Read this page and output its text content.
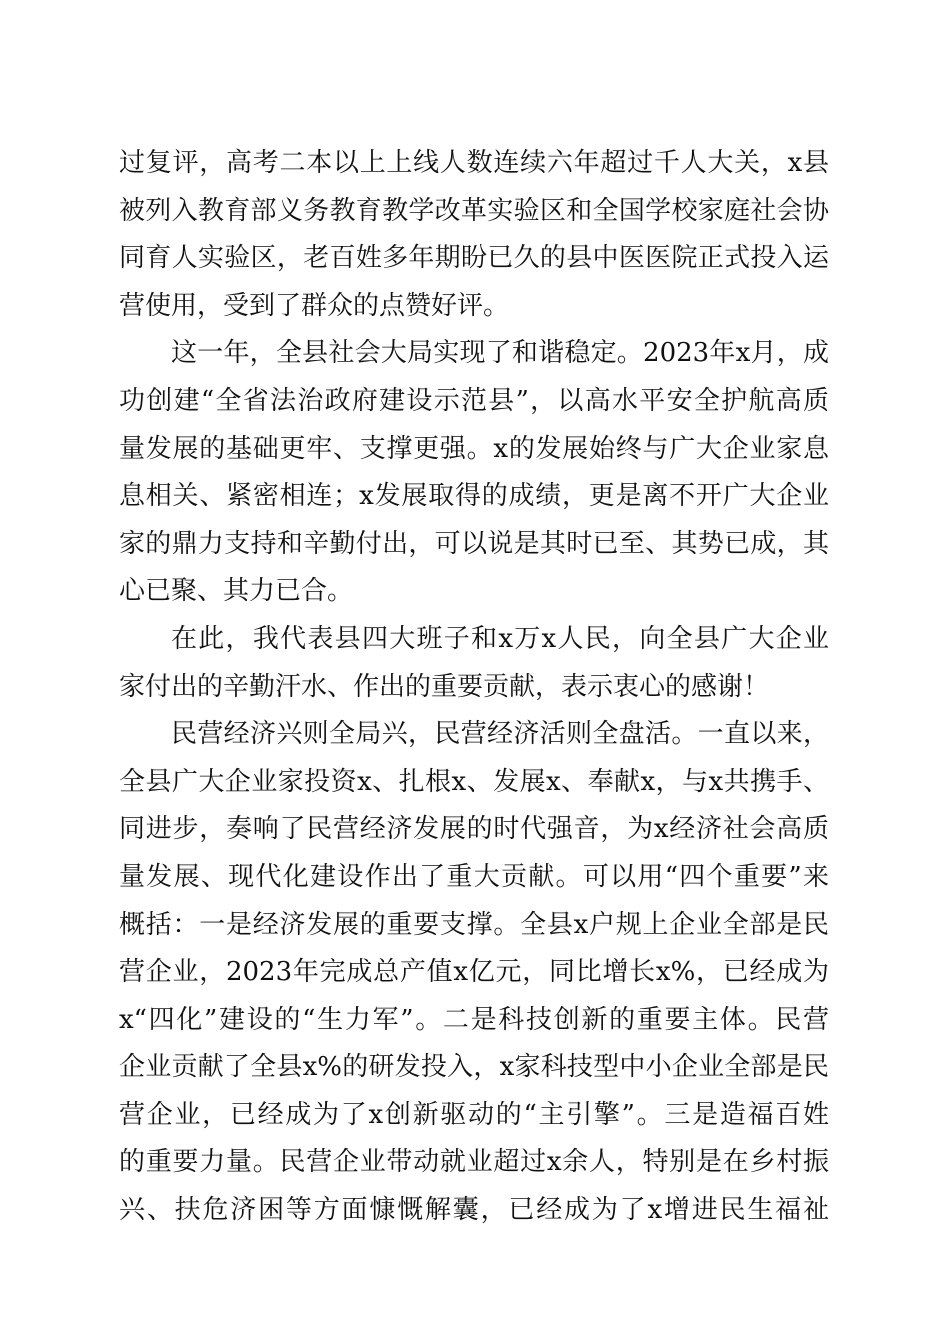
过复评，高考二本以上上线人数连续六年超过千人大关，x县
被列入教育部义务教育教学改革实验区和全国学校家庭社会协
同育人实验区，老百姓多年期盼已久的县中医医院正式投入运
营使用，受到了群众的点赞好评。
这一年，全县社会大局实现了和谐稳定。2023年x月，成
功创建“全省法治政府建设示范县”，以高水平安全护航高质
量发展的基础更牢、支撑更强。x的发展始终与广大企业家息
息相关、紧密相连；x发展取得的成绩，更是离不开广大企业
家的鼎力支持和辛勤付出，可以说是其时已至、其势已成，其
心已聚、其力已合。
在此，我代表县四大班子和x万x人民，向全县广大企业
家付出的辛勤汗水、作出的重要贡献，表示衷心的感谢！
民营经济兴则全局兴，民营经济活则全盘活。一直以来，
全县广大企业家投资x、扎根x、发展x、奉献x，与x共携手、
同进步，奏响了民营经济发展的时代强音，为x经济社会高质
量发展、现代化建设作出了重大贡献。可以用“四个重要”来
概括：一是经济发展的重要支撑。全县x户规上企业全部是民
营企业，2023年完成总产值x亿元，同比增长x%，已经成为
x“四化”建设的“生力军”。二是科技创新的重要主体。民营
企业贡献了全县x%的研发投入，x家科技型中小企业全部是民
营企业，已经成为了x创新驱动的“主引擎”。三是造福百姓
的重要力量。民营企业带动就业超过x余人，特别是在乡村振
兴、扶危济困等方面慷慨解囊，已经成为了x增进民生福祉
